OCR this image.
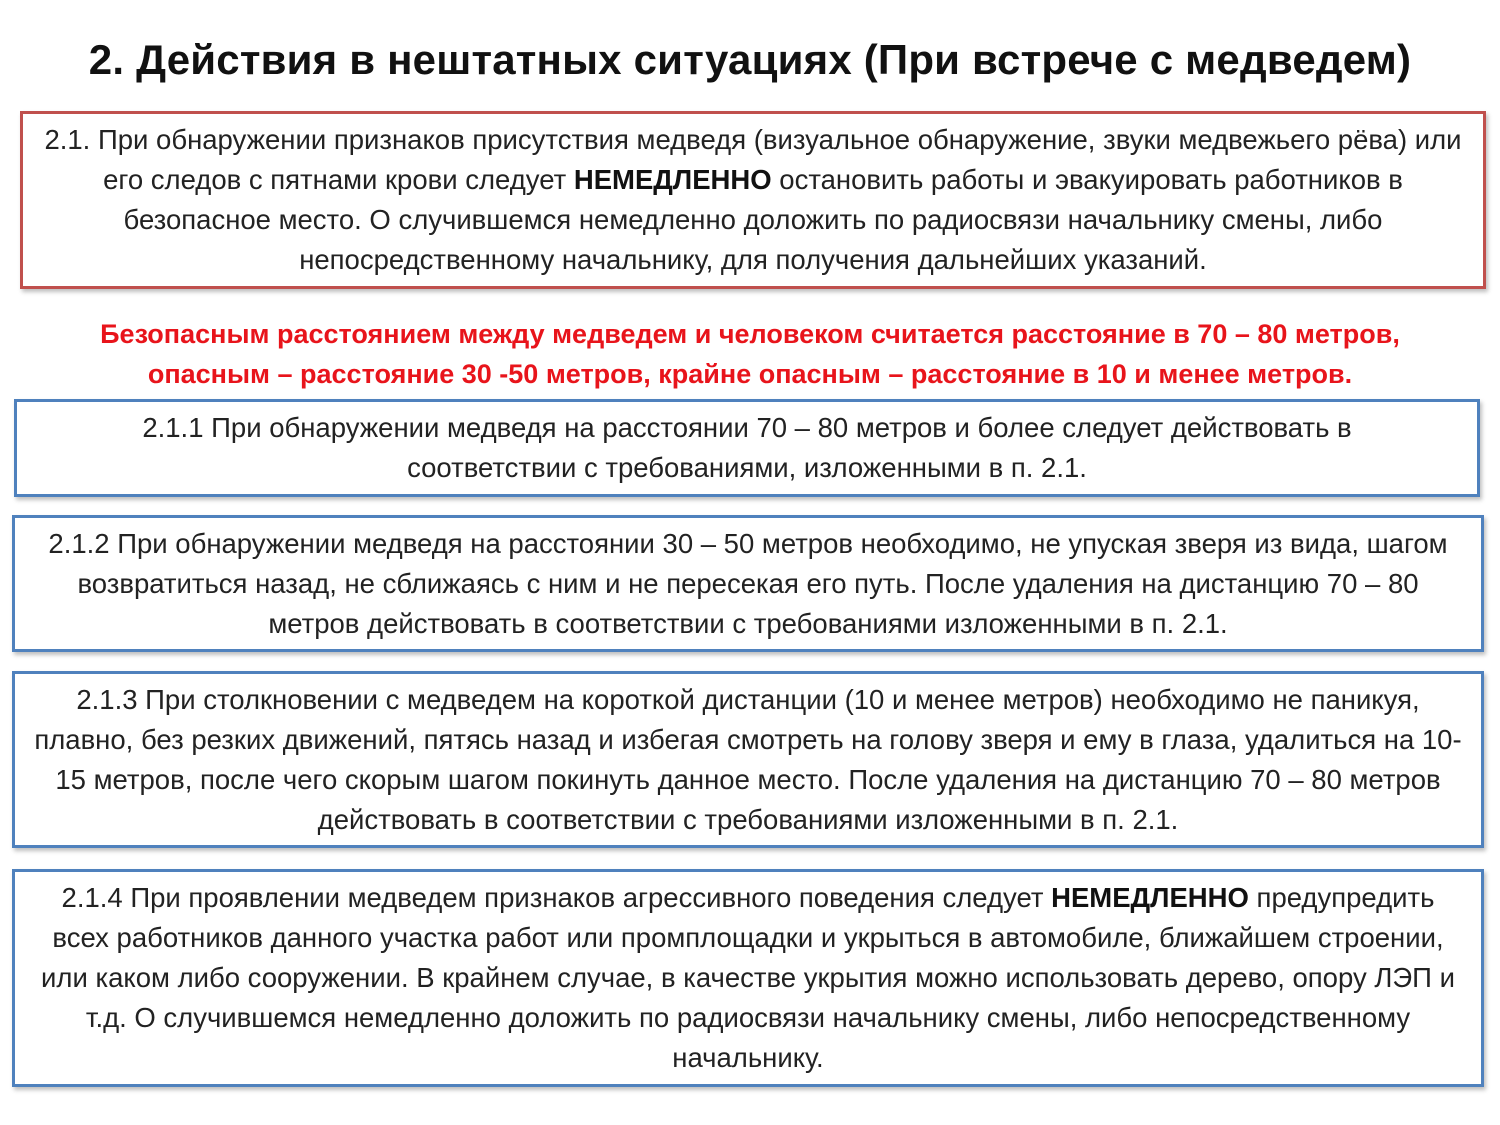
2. Действия в нештатных ситуациях (При встрече с медведем)

2.1. При обнаружении признаков присутствия медведя (визуальное обнаружение, звуки медвежьего рёва) или его следов с пятнами крови следует НЕМЕДЛЕННО остановить работы и эвакуировать работников в безопасное место. О случившемся немедленно доложить по радиосвязи начальнику смены, либо непосредственному начальнику, для получения дальнейших указаний.

Безопасным расстоянием между медведем и человеком считается расстояние в 70 – 80 метров,
опасным – расстояние 30 -50 метров, крайне опасным – расстояние в 10 и менее метров.

2.1.1 При обнаружении медведя на расстоянии 70 – 80 метров и более следует действовать в соответствии с требованиями, изложенными в п. 2.1.

2.1.2 При обнаружении медведя на расстоянии 30 – 50 метров необходимо, не упуская зверя из вида, шагом возвратиться назад, не сближаясь с ним и не пересекая его путь. После удаления на дистанцию 70 – 80 метров действовать в соответствии с требованиями изложенными в п. 2.1.

2.1.3 При столкновении с медведем на короткой дистанции (10 и менее метров) необходимо не паникуя, плавно, без резких движений, пятясь назад и избегая смотреть на голову зверя и ему в глаза, удалиться на 10-15 метров, после чего скорым шагом покинуть данное место. После удаления на дистанцию 70 – 80 метров действовать в соответствии с требованиями изложенными в п. 2.1.

2.1.4 При проявлении медведем признаков агрессивного поведения следует НЕМЕДЛЕННО предупредить всех работников данного участка работ или промплощадки и укрыться в автомобиле, ближайшем строении, или каком либо сооружении. В крайнем случае, в качестве укрытия можно использовать дерево, опору ЛЭП и т.д. О случившемся немедленно доложить по радиосвязи начальнику смены, либо непосредственному начальнику.
